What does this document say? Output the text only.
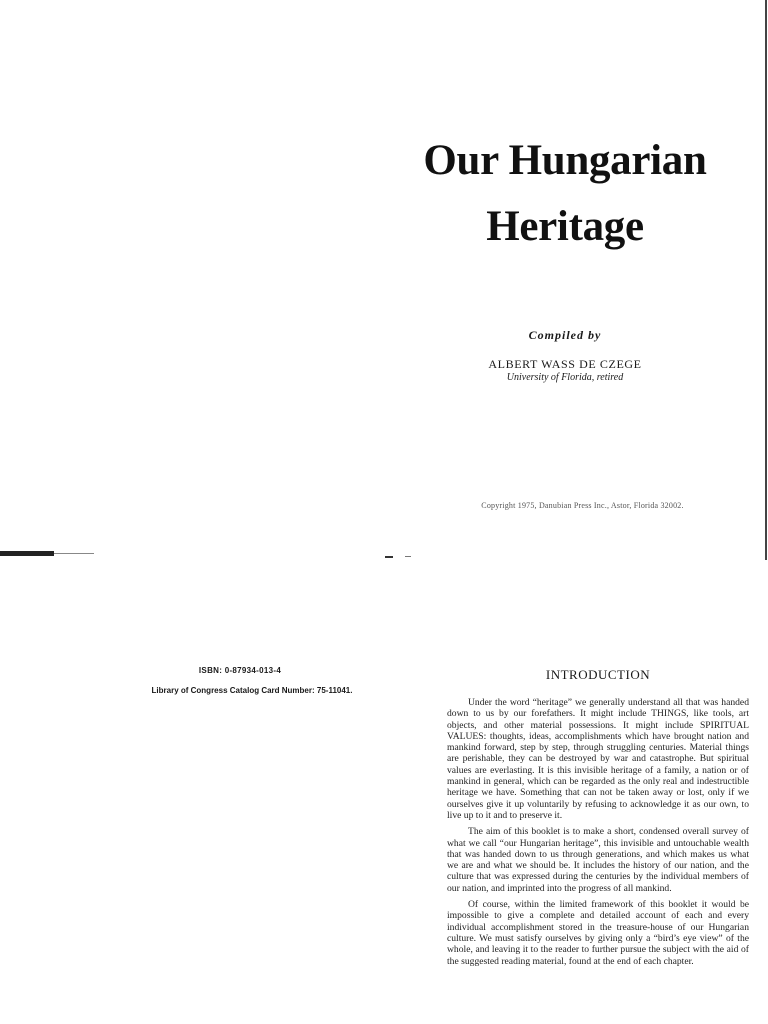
Our Hungarian
Heritage
Compiled by
ALBERT WASS DE CZEGE
University of Florida, retired
Copyright 1975, Danubian Press Inc., Astor, Florida 32002.
ISBN: 0-87934-013-4
Library of Congress Catalog Card Number: 75-11041.
INTRODUCTION

Under the word “heritage” we generally understand all that was handed down to us by our forefathers. It might include THINGS, like tools, art objects, and other material possessions. It might include SPIRITUAL VALUES: thoughts, ideas, accomplishments which have brought nation and mankind forward, step by step, through struggling centuries. Material things are perishable, they can be destroyed by war and catastrophe. But spiritual values are everlasting. It is this invisible heritage of a family, a nation or of mankind in general, which can be regarded as the only real and indestructible heritage we have. Something that can not be taken away or lost, only if we ourselves give it up voluntarily by refusing to acknowledge it as our own, to live up to it and to preserve it.

The aim of this booklet is to make a short, condensed overall survey of what we call “our Hungarian heritage”, this invisible and untouchable wealth that was handed down to us through generations, and which makes us what we are and what we should be. It includes the history of our nation, and the culture that was expressed during the centuries by the individual members of our nation, and imprinted into the progress of all mankind.

Of course, within the limited framework of this booklet it would be impossible to give a complete and detailed account of each and every individual accomplishment stored in the treasure-house of our Hungarian culture. We must satisfy ourselves by giving only a “bird’s eye view” of the whole, and leaving it to the reader to further pursue the subject with the aid of the suggested reading material, found at the end of each chapter.
